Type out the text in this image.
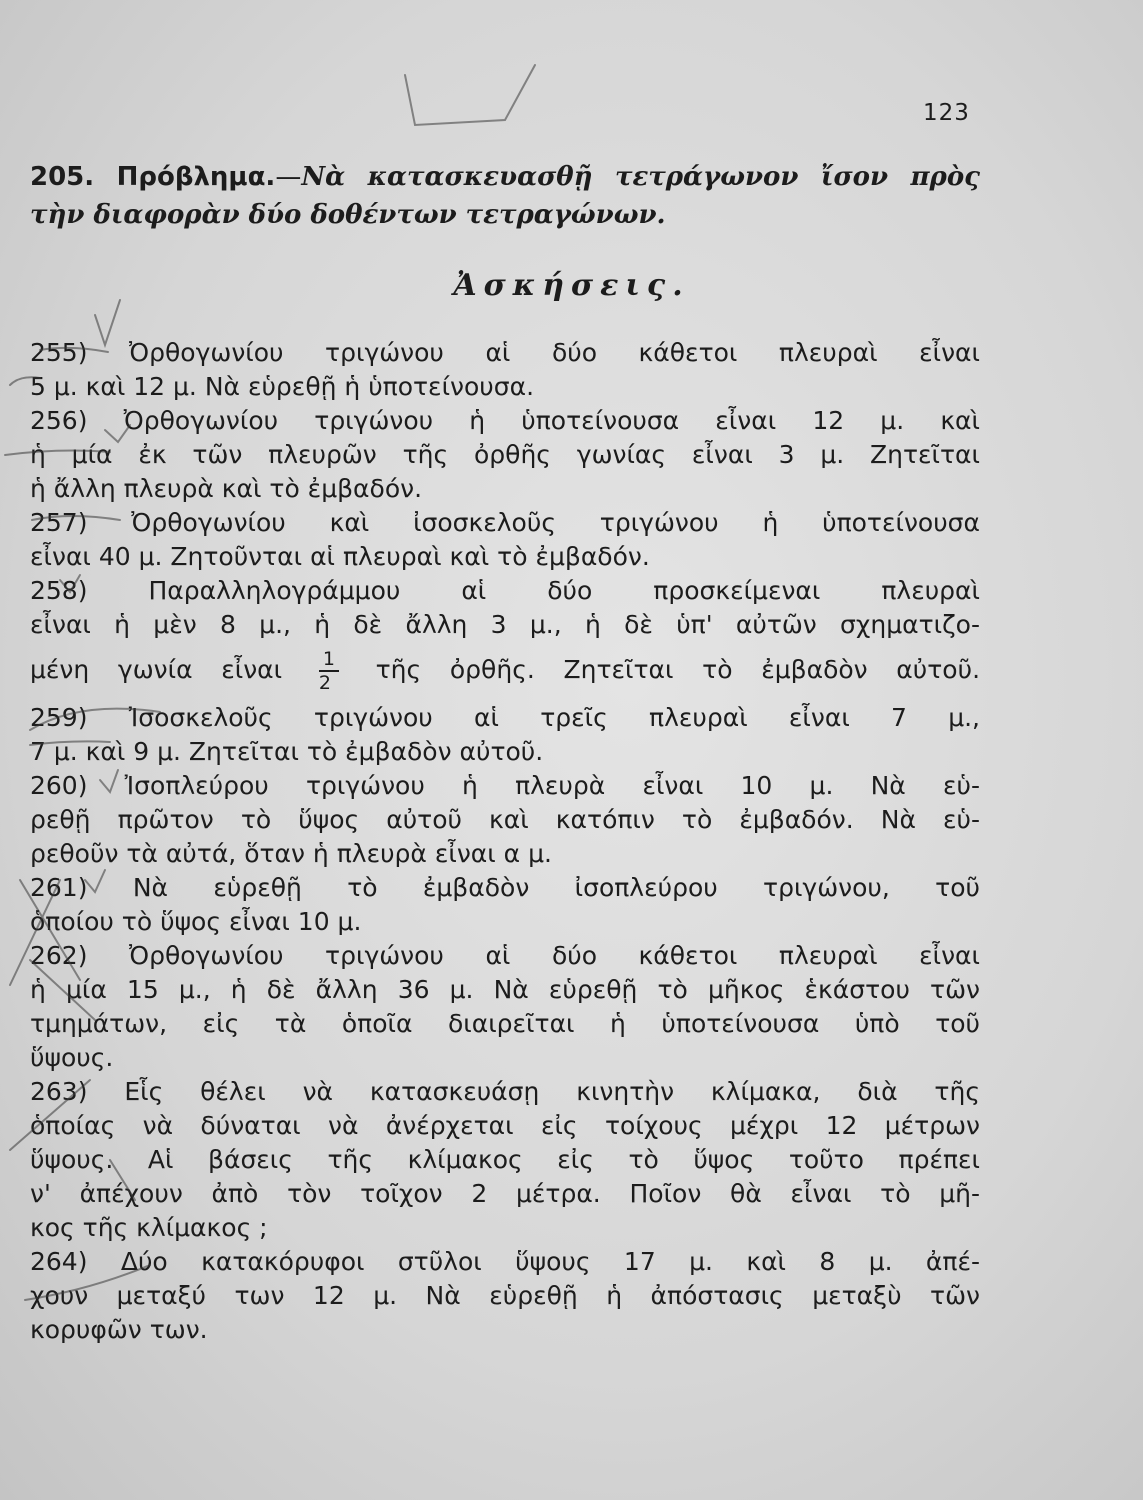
123
205. Πρόβλημα.—Νὰ κατασκευασθῇ τετράγωνον ἴσον πρὸς
τὴν διαφορὰν δύο δοθέντων τετραγώνων.
Ἀσκήσεις.
255) Ὀρθογωνίου τριγώνου αἱ δύο κάθετοι πλευραὶ εἶναι
5 μ. καὶ 12 μ. Νὰ εὑρεθῇ ἡ ὑποτείνουσα.
256) Ὀρθογωνίου τριγώνου ἡ ὑποτείνουσα εἶναι 12 μ. καὶ
ἡ μία ἐκ τῶν πλευρῶν τῆς ὀρθῆς γωνίας εἶναι 3 μ. Ζητεῖται
ἡ ἄλλη πλευρὰ καὶ τὸ ἐμβαδόν.
257) Ὀρθογωνίου καὶ ἰσοσκελοῦς τριγώνου ἡ ὑποτείνουσα
εἶναι 40 μ. Ζητοῦνται αἱ πλευραὶ καὶ τὸ ἐμβαδόν.
258) Παραλληλογράμμου αἱ δύο προσκείμεναι πλευραὶ
εἶναι ἡ μὲν 8 μ., ἡ δὲ ἄλλη 3 μ., ἡ δὲ ὑπ' αὐτῶν σχηματιζο-
μένη γωνία εἶναι $\frac{1}{2}$ τῆς ὀρθῆς. Ζητεῖται τὸ ἐμβαδὸν αὐτοῦ.
259) Ἰσοσκελοῦς τριγώνου αἱ τρεῖς πλευραὶ εἶναι 7 μ.,
7 μ. καὶ 9 μ. Ζητεῖται τὸ ἐμβαδὸν αὐτοῦ.
260) Ἰσοπλεύρου τριγώνου ἡ πλευρὰ εἶναι 10 μ. Νὰ εὑ-
ρεθῇ πρῶτον τὸ ὕψος αὐτοῦ καὶ κατόπιν τὸ ἐμβαδόν. Νὰ εὑ-
ρεθοῦν τὰ αὐτά, ὅταν ἡ πλευρὰ εἶναι α μ.
261) Νὰ εὑρεθῇ τὸ ἐμβαδὸν ἰσοπλεύρου τριγώνου, τοῦ
ὁποίου τὸ ὕψος εἶναι 10 μ.
262) Ὀρθογωνίου τριγώνου αἱ δύο κάθετοι πλευραὶ εἶναι
ἡ μία 15 μ., ἡ δὲ ἄλλη 36 μ. Νὰ εὑρεθῇ τὸ μῆκος ἑκάστου τῶν
τμημάτων, εἰς τὰ ὁποῖα διαιρεῖται ἡ ὑποτείνουσα ὑπὸ τοῦ
ὕψους.
263) Εἷς θέλει νὰ κατασκευάσῃ κινητὴν κλίμακα, διὰ τῆς
ὁποίας νὰ δύναται νὰ ἀνέρχεται εἰς τοίχους μέχρι 12 μέτρων
ὕψους. Αἱ βάσεις τῆς κλίμακος εἰς τὸ ὕψος τοῦτο πρέπει
ν' ἀπέχουν ἀπὸ τὸν τοῖχον 2 μέτρα. Ποῖον θὰ εἶναι τὸ μῆ-
κος τῆς κλίμακος ;
264) Δύο κατακόρυφοι στῦλοι ὕψους 17 μ. καὶ 8 μ. ἀπέ-
χουν μεταξύ των 12 μ. Νὰ εὑρεθῇ ἡ ἀπόστασις μεταξὺ τῶν
κορυφῶν των.
